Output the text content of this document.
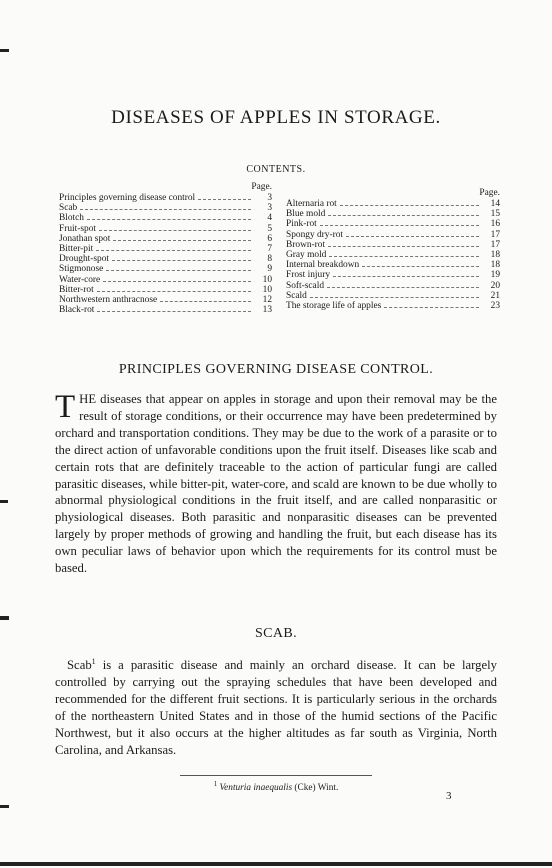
DISEASES OF APPLES IN STORAGE.
CONTENTS.
Page.
Principles governing disease control	3
Scab	3
Blotch	4
Fruit-spot	5
Jonathan spot	6
Bitter-pit	7
Drought-spot	8
Stigmonose	9
Water-core	10
Bitter-rot	10
Northwestern anthracnose	12
Black-rot	13
Page.
Alternaria rot	14
Blue mold	15
Pink-rot	16
Spongy dry-rot	17
Brown-rot	17
Gray mold	18
Internal breakdown	18
Frost injury	19
Soft-scald	20
Scald	21
The storage life of apples	23
PRINCIPLES GOVERNING DISEASE CONTROL.
THE diseases that appear on apples in storage and upon their removal may be the result of storage conditions, or their occurrence may have been predetermined by orchard and transportation conditions. They may be due to the work of a parasite or to the direct action of unfavorable conditions upon the fruit itself. Diseases like scab and certain rots that are definitely traceable to the action of particular fungi are called parasitic diseases, while bitter-pit, water-core, and scald are known to be due wholly to abnormal physiological conditions in the fruit itself, and are called nonparasitic or physiological diseases. Both parasitic and nonparasitic diseases can be prevented largely by proper methods of growing and handling the fruit, but each disease has its own peculiar laws of behavior upon which the requirements for its control must be based.
SCAB.
Scab$^1$ is a parasitic disease and mainly an orchard disease. It can be largely controlled by carrying out the spraying schedules that have been developed and recommended for the different fruit sections. It is particularly serious in the orchards of the northeastern United States and in those of the humid sections of the Pacific Northwest, but it also occurs at the higher altitudes as far south as Virginia, North Carolina, and Arkansas.
$^1$ Venturia inaequalis (Cke) Wint.
3
